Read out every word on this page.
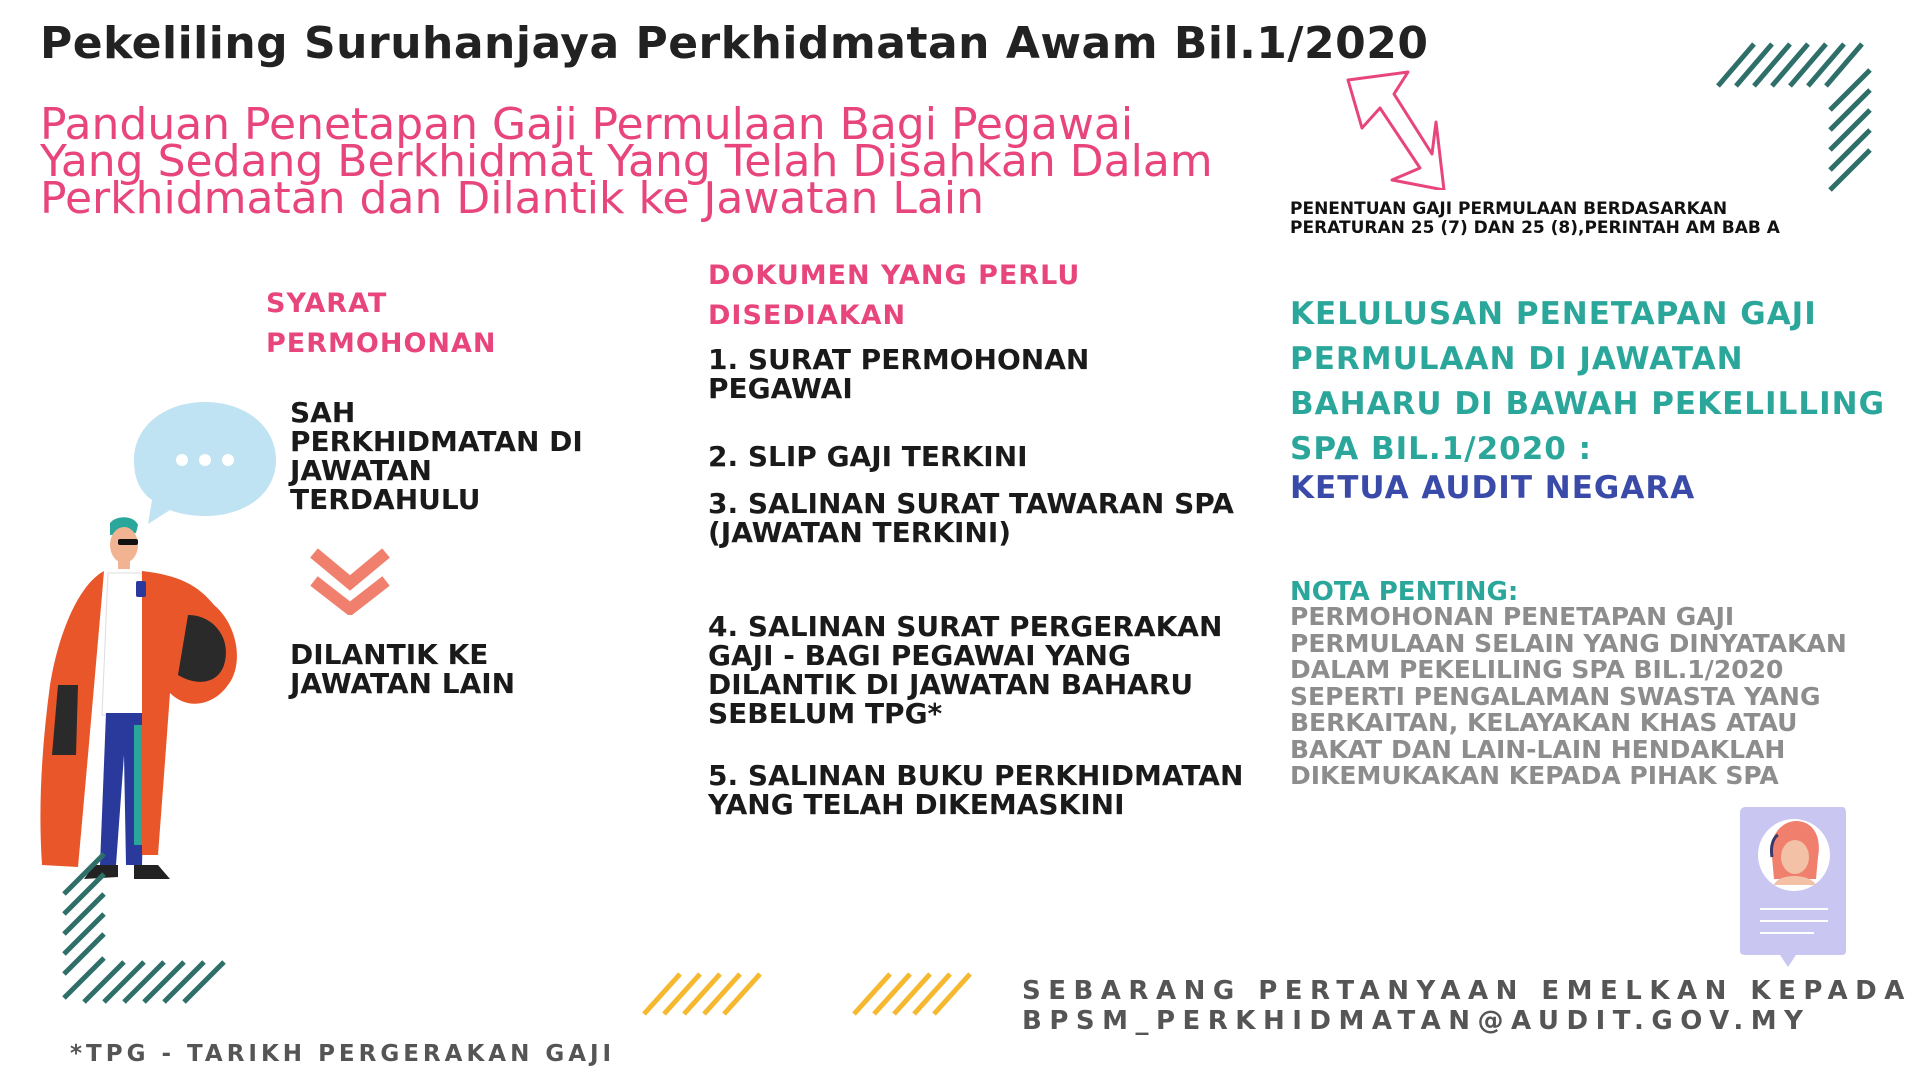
Pekeliling Suruhanjaya Perkhidmatan Awam Bil.1/2020
Panduan Penetapan Gaji Permulaan Bagi Pegawai
Yang Sedang Berkhidmat Yang Telah Disahkan Dalam
Perkhidmatan dan Dilantik ke Jawatan Lain	PENENTUAN GAJI PERMULAAN BERDASARKAN
PERATURAN 25 (7) DAN 25 (8),PERINTAH AM BAB A
SYARAT
PERMOHONAN
SAH
PERKHIDMATAN DI
JAWATAN
TERDAHULU
DILANTIK KE
JAWATAN LAIN
DOKUMEN YANG PERLU
DISEDIAKAN
1. SURAT PERMOHONAN
PEGAWAI
2. SLIP GAJI TERKINI
3. SALINAN SURAT TAWARAN SPA
(JAWATAN TERKINI)
4. SALINAN SURAT PERGERAKAN
GAJI - BAGI PEGAWAI YANG
DILANTIK DI JAWATAN BAHARU
SEBELUM TPG*
5. SALINAN BUKU PERKHIDMATAN
YANG TELAH DIKEMASKINI
KELULUSAN PENETAPAN GAJI
PERMULAAN DI JAWATAN
BAHARU DI BAWAH PEKELILLING
SPA BIL.1/2020 :
KETUA AUDIT NEGARA
NOTA PENTING:
PERMOHONAN PENETAPAN GAJI
PERMULAAN SELAIN YANG DINYATAKAN
DALAM PEKELILING SPA BIL.1/2020
SEPERTI PENGALAMAN SWASTA YANG
BERKAITAN, KELAYAKAN KHAS ATAU
BAKAT DAN LAIN-LAIN HENDAKLAH
DIKEMUKAKAN KEPADA PIHAK SPA
SEBARANG PERTANYAAN EMELKAN KEPADA
BPSM_PERKHIDMATAN@AUDIT.GOV.MY
*TPG - TARIKH PERGERAKAN GAJI
